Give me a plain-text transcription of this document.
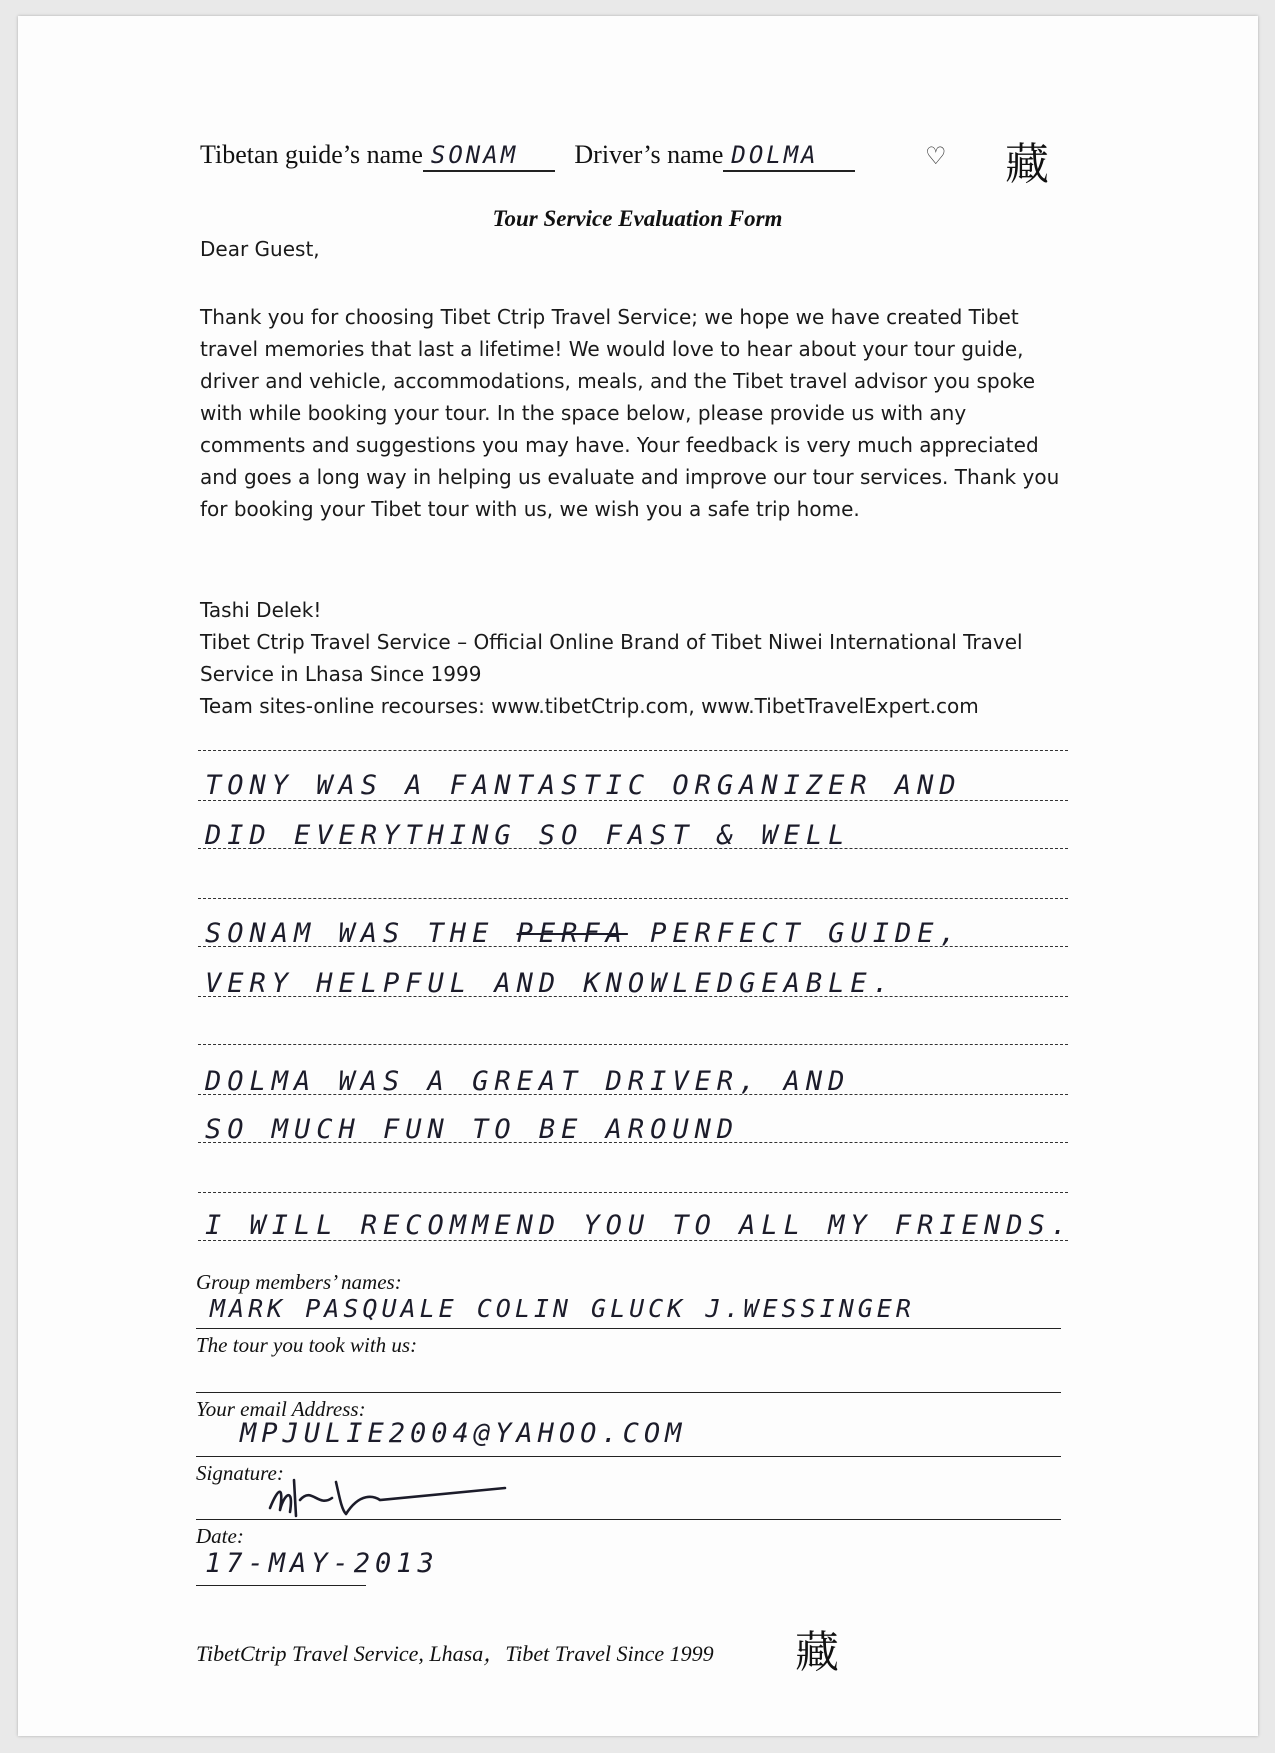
Tibetan guide’s name SONAM Driver’s name DOLMA	♡ 藏
Tour Service Evaluation Form
Dear Guest,
Thank you for choosing Tibet Ctrip Travel Service; we hope we have created Tibet travel memories that last a lifetime! We would love to hear about your tour guide, driver and vehicle, accommodations, meals, and the Tibet travel advisor you spoke with while booking your tour. In the space below, please provide us with any comments and suggestions you may have. Your feedback is very much appreciated and goes a long way in helping us evaluate and improve our tour services. Thank you for booking your Tibet tour with us, we wish you a safe trip home.
Tashi Delek!
Tibet Ctrip Travel Service – Official Online Brand of Tibet Niwei International Travel Service in Lhasa Since 1999
Team sites-online recourses: www.tibetCtrip.com, www.TibetTravelExpert.com
TONY WAS A FANTASTIC ORGANIZER AND
DID EVERYTHING SO FAST & WELL
SONAM WAS THE PERFA PERFECT GUIDE,
VERY HELPFUL AND KNOWLEDGEABLE.
DOLMA WAS A GREAT DRIVER, AND
SO MUCH FUN TO BE AROUND
I WILL RECOMMEND YOU TO ALL MY FRIENDS.
Group members’ names:
MARK PASQUALE COLIN GLUCK J.WESSINGER
The tour you took with us:
Your email Address:
MPJULIE2004@YAHOO.COM
Signature:
Date:
17-MAY-2013
TibetCtrip Travel Service, Lhasa，Tibet Travel Since 1999 藏
